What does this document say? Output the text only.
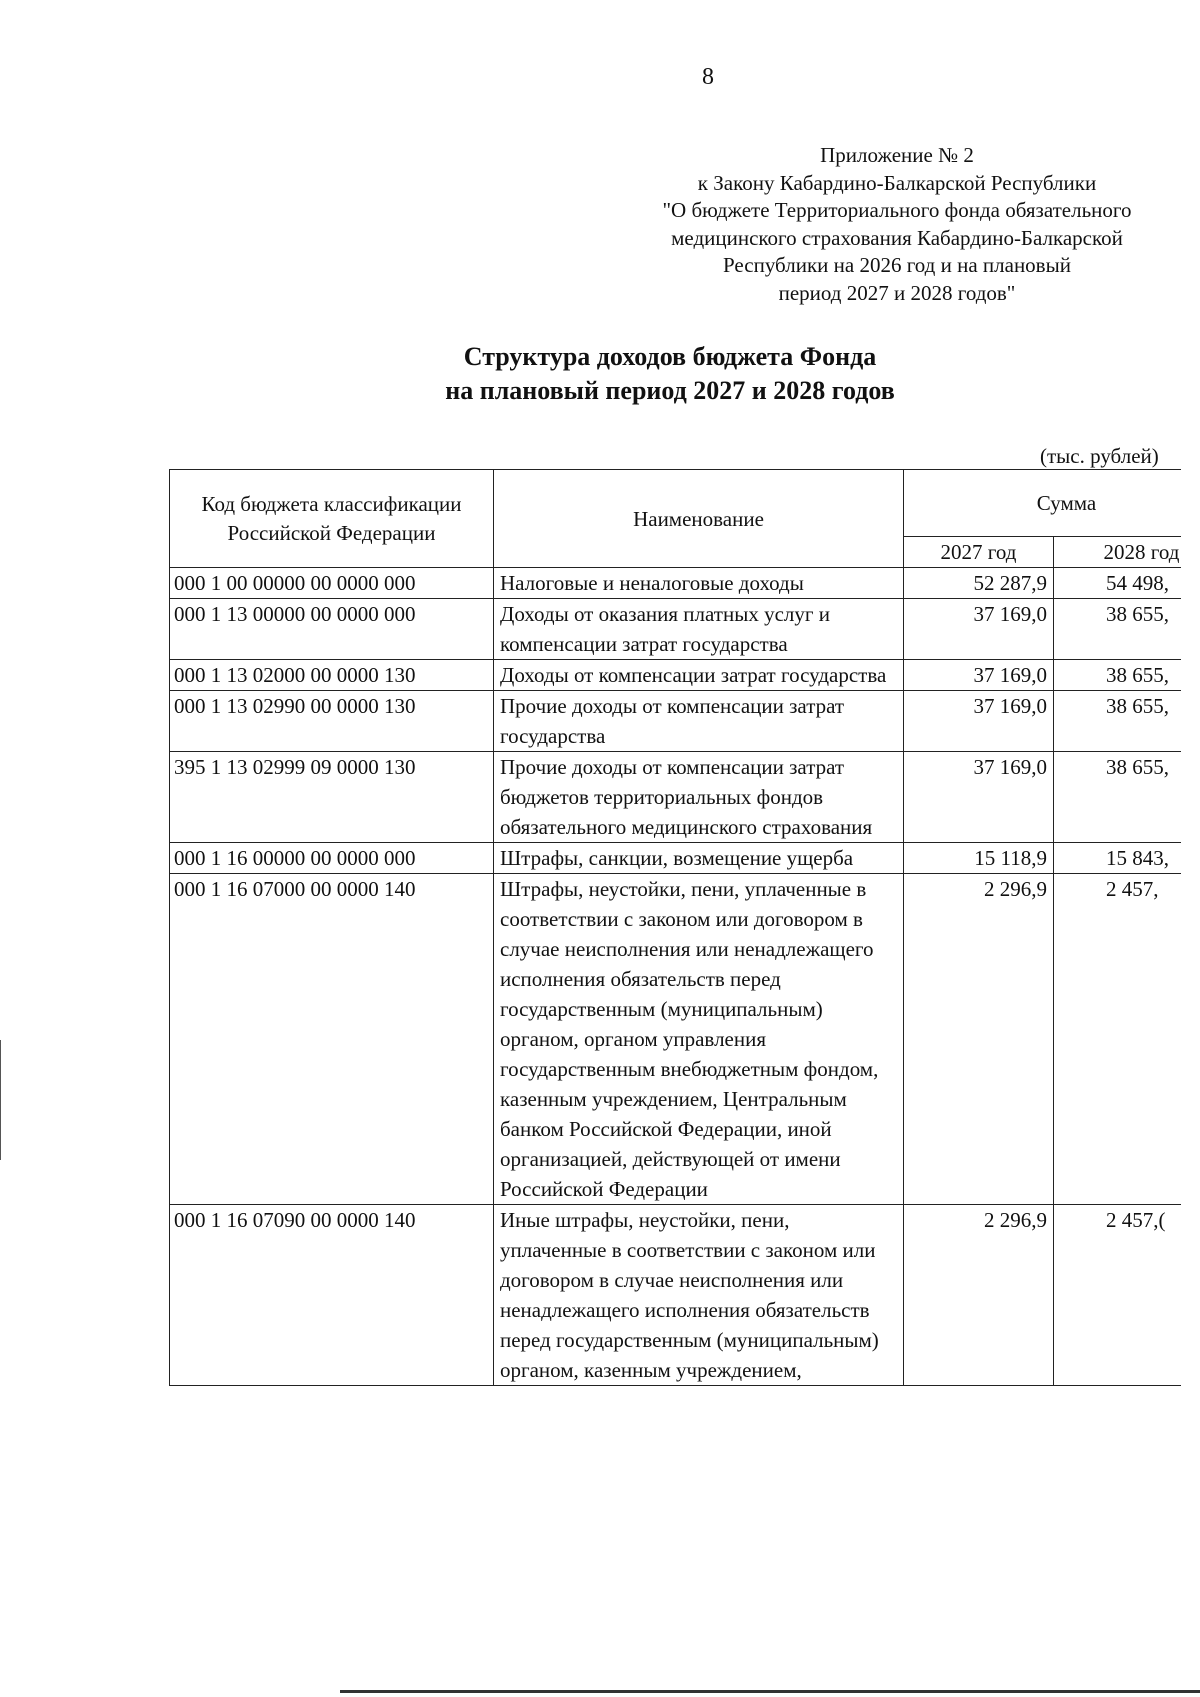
8
Приложение № 2
к Закону Кабардино-Балкарской Республики
"О бюджете Территориального фонда обязательного
медицинского страхования Кабардино-Балкарской
Республики на 2026 год и на плановый
период 2027 и 2028 годов"
Структура доходов бюджета Фонда
на плановый период 2027 и 2028 годов
(тыс. рублей)
Код бюджета классификации Российской Федерации	Наименование	Сумма	
		2027 год	2028 год
000 1 00 00000 00 0000 000	Налоговые и неналоговые доходы	52 287,9	54 498,
000 1 13 00000 00 0000 000	Доходы от оказания платных услуг и компенсации затрат государства	37 169,0	38 655,
000 1 13 02000 00 0000 130	Доходы от компенсации затрат государства	37 169,0	38 655,
000 1 13 02990 00 0000 130	Прочие доходы от компенсации затрат государства	37 169,0	38 655,
395 1 13 02999 09 0000 130	Прочие доходы от компенсации затрат бюджетов территориальных фондов обязательного медицинского страхования	37 169,0	38 655,
000 1 16 00000 00 0000 000	Штрафы, санкции, возмещение ущерба	15 118,9	15 843,
000 1 16 07000 00 0000 140	Штрафы, неустойки, пени, уплаченные в соответствии с законом или договором в случае неисполнения или ненадлежащего исполнения обязательств перед государственным (муниципальным) органом, органом управления государственным внебюджетным фондом, казенным учреждением, Центральным банком Российской Федерации, иной организацией, действующей от имени Российской Федерации	2 296,9	2 457,
000 1 16 07090 00 0000 140	Иные штрафы, неустойки, пени, уплаченные в соответствии с законом или договором в случае неисполнения или ненадлежащего исполнения обязательств перед государственным (муниципальным) органом, казенным учреждением,	2 296,9	2 457,(
